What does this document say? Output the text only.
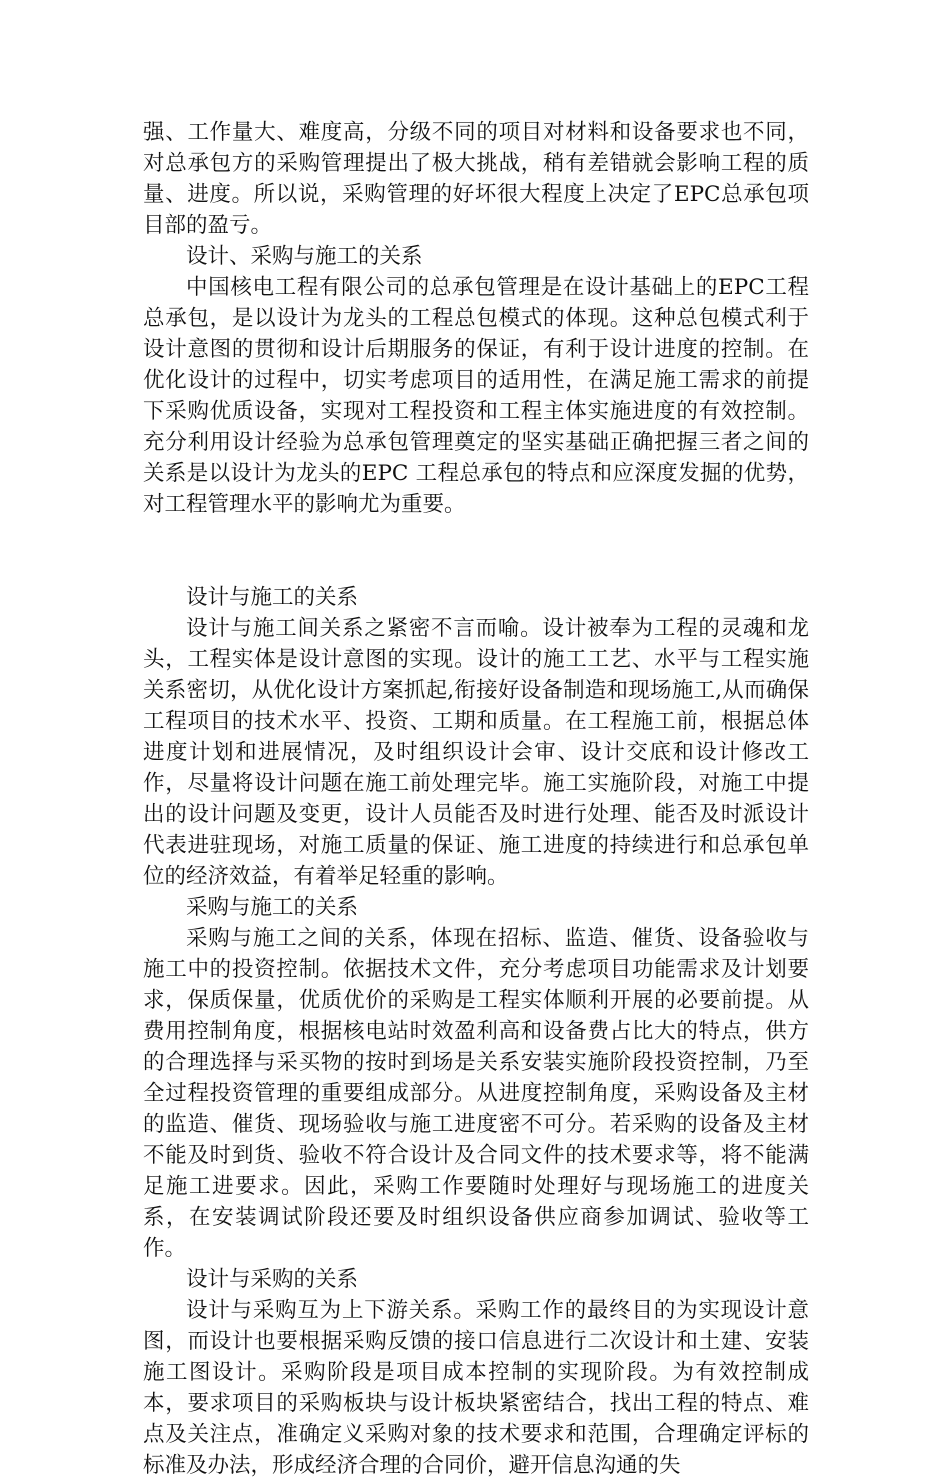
强、工作量大、难度高，分级不同的项目对材料和设备要求也不同，对总承包方的采购管理提出了极大挑战，稍有差错就会影响工程的质量、进度。所以说，采购管理的好坏很大程度上决定了EPC总承包项目部的盈亏。

设计、采购与施工的关系

中国核电工程有限公司的总承包管理是在设计基础上的EPC工程总承包，是以设计为龙头的工程总包模式的体现。这种总包模式利于设计意图的贯彻和设计后期服务的保证，有利于设计进度的控制。在优化设计的过程中，切实考虑项目的适用性，在满足施工需求的前提下采购优质设备，实现对工程投资和工程主体实施进度的有效控制。充分利用设计经验为总承包管理奠定的坚实基础正确把握三者之间的关系是以设计为龙头的EPC 工程总承包的特点和应深度发掘的优势，对工程管理水平的影响尤为重要。

设计与施工的关系

设计与施工间关系之紧密不言而喻。设计被奉为工程的灵魂和龙头，工程实体是设计意图的实现。设计的施工工艺、水平与工程实施关系密切，从优化设计方案抓起,衔接好设备制造和现场施工,从而确保工程项目的技术水平、投资、工期和质量。在工程施工前，根据总体进度计划和进展情况，及时组织设计会审、设计交底和设计修改工作，尽量将设计问题在施工前处理完毕。施工实施阶段，对施工中提出的设计问题及变更，设计人员能否及时进行处理、能否及时派设计代表进驻现场，对施工质量的保证、施工进度的持续进行和总承包单位的经济效益，有着举足轻重的影响。

采购与施工的关系

采购与施工之间的关系，体现在招标、监造、催货、设备验收与施工中的投资控制。依据技术文件，充分考虑项目功能需求及计划要求，保质保量，优质优价的采购是工程实体顺利开展的必要前提。从费用控制角度，根据核电站时效盈利高和设备费占比大的特点，供方的合理选择与采买物的按时到场是关系安装实施阶段投资控制，乃至全过程投资管理的重要组成部分。从进度控制角度，采购设备及主材的监造、催货、现场验收与施工进度密不可分。若采购的设备及主材不能及时到货、验收不符合设计及合同文件的技术要求等，将不能满足施工进要求。因此，采购工作要随时处理好与现场施工的进度关系，在安装调试阶段还要及时组织设备供应商参加调试、验收等工作。

设计与采购的关系

设计与采购互为上下游关系。采购工作的最终目的为实现设计意图，而设计也要根据采购反馈的接口信息进行二次设计和土建、安装施工图设计。采购阶段是项目成本控制的实现阶段。为有效控制成本，要求项目的采购板块与设计板块紧密结合，找出工程的特点、难点及关注点，准确定义采购对象的技术要求和范围，合理确定评标的标准及办法，形成经济合理的合同价，避开信息沟通的失
